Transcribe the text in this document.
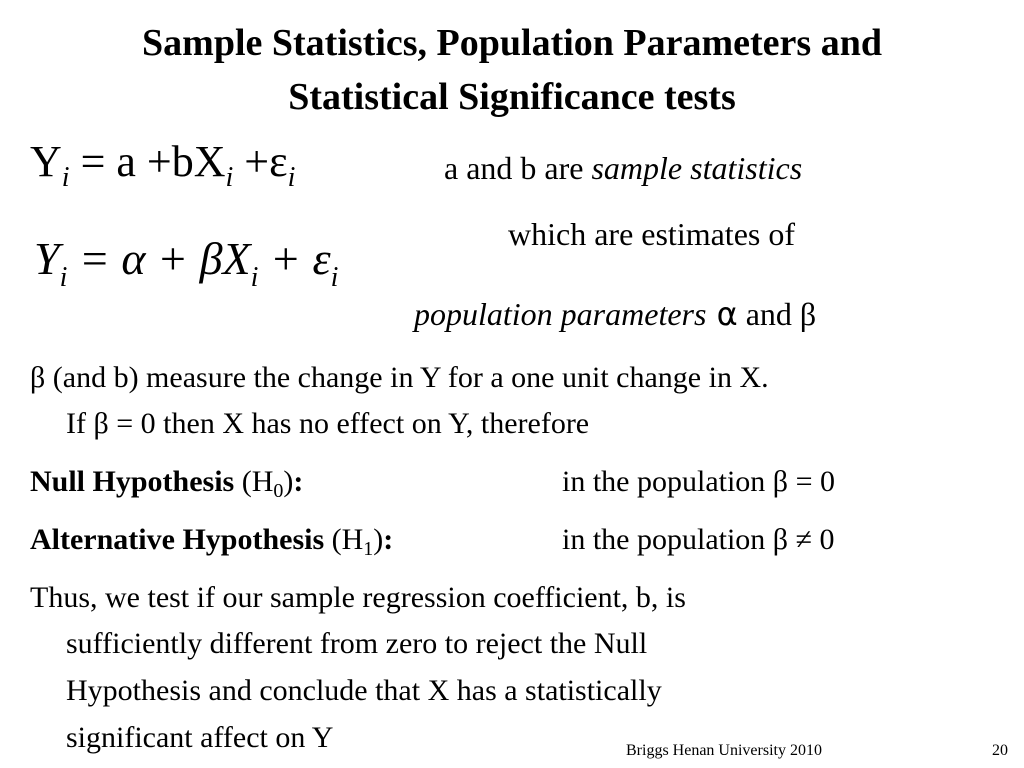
Sample Statistics, Population Parameters and
Statistical Significance tests
$Y_i = a +bX_i +\varepsilon_i$
$Y_i = \alpha + \beta X_i + \varepsilon_i$
a and b are sample statistics
which are estimates of
population parameters α and β
β (and b) measure the change in Y for a one unit change in X.
If β = 0 then X has no effect on Y, therefore
Null Hypothesis $(H_0)$:	in the population β = 0
Alternative Hypothesis $(H_1)$:	in the population β ≠ 0
Thus, we test if our sample regression coefficient, b, is
sufficiently different from zero to reject the Null
Hypothesis and conclude that X has a statistically
significant affect on Y	Briggs Henan University 2010	20
